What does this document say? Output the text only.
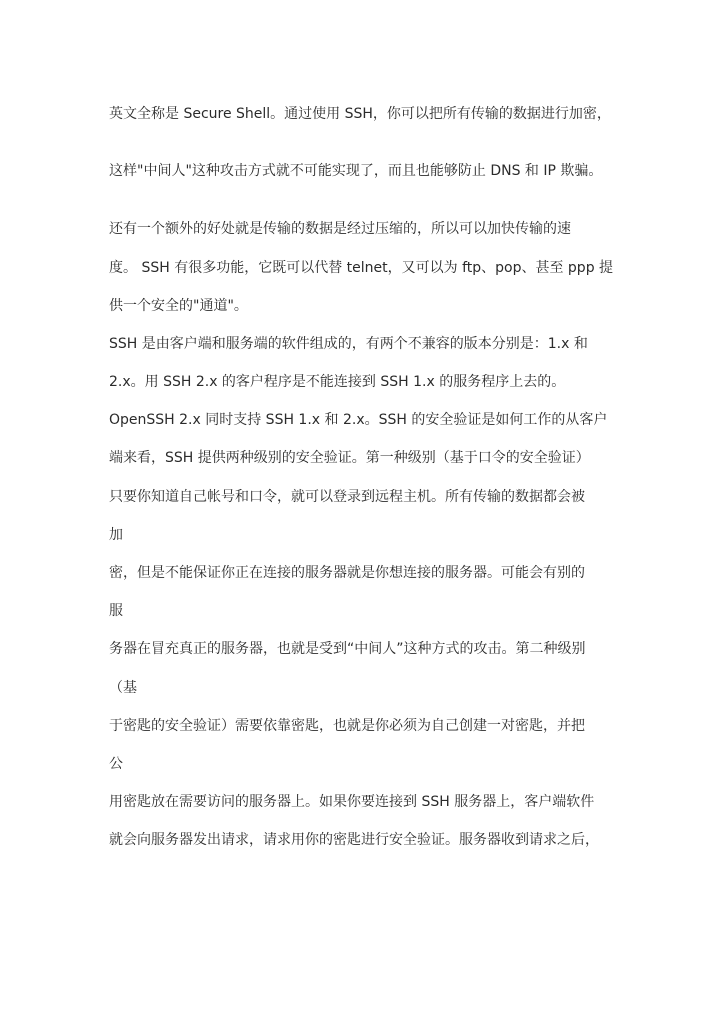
英文全称是 Secure Shell。通过使用 SSH，你可以把所有传输的数据进行加密，

这样"中间人"这种攻击方式就不可能实现了，而且也能够防止 DNS 和 IP 欺骗。

还有一个额外的好处就是传输的数据是经过压缩的，所以可以加快传输的速

度。 SSH 有很多功能，它既可以代替 telnet，又可以为 ftp、pop、甚至 ppp 提

供一个安全的"通道"。

SSH 是由客户端和服务端的软件组成的，有两个不兼容的版本分别是：1.x 和

2.x。用 SSH 2.x 的客户程序是不能连接到 SSH 1.x 的服务程序上去的。

OpenSSH 2.x 同时支持 SSH 1.x 和 2.x。SSH 的安全验证是如何工作的从客户

端来看，SSH 提供两种级别的安全验证。第一种级别（基于口令的安全验证）

只要你知道自己帐号和口令，就可以登录到远程主机。所有传输的数据都会被

加

密，但是不能保证你正在连接的服务器就是你想连接的服务器。可能会有别的

服

务器在冒充真正的服务器，也就是受到“中间人”这种方式的攻击。第二种级别

（基

于密匙的安全验证）需要依靠密匙，也就是你必须为自己创建一对密匙，并把

公

用密匙放在需要访问的服务器上。如果你要连接到 SSH 服务器上，客户端软件

就会向服务器发出请求，请求用你的密匙进行安全验证。服务器收到请求之后，
